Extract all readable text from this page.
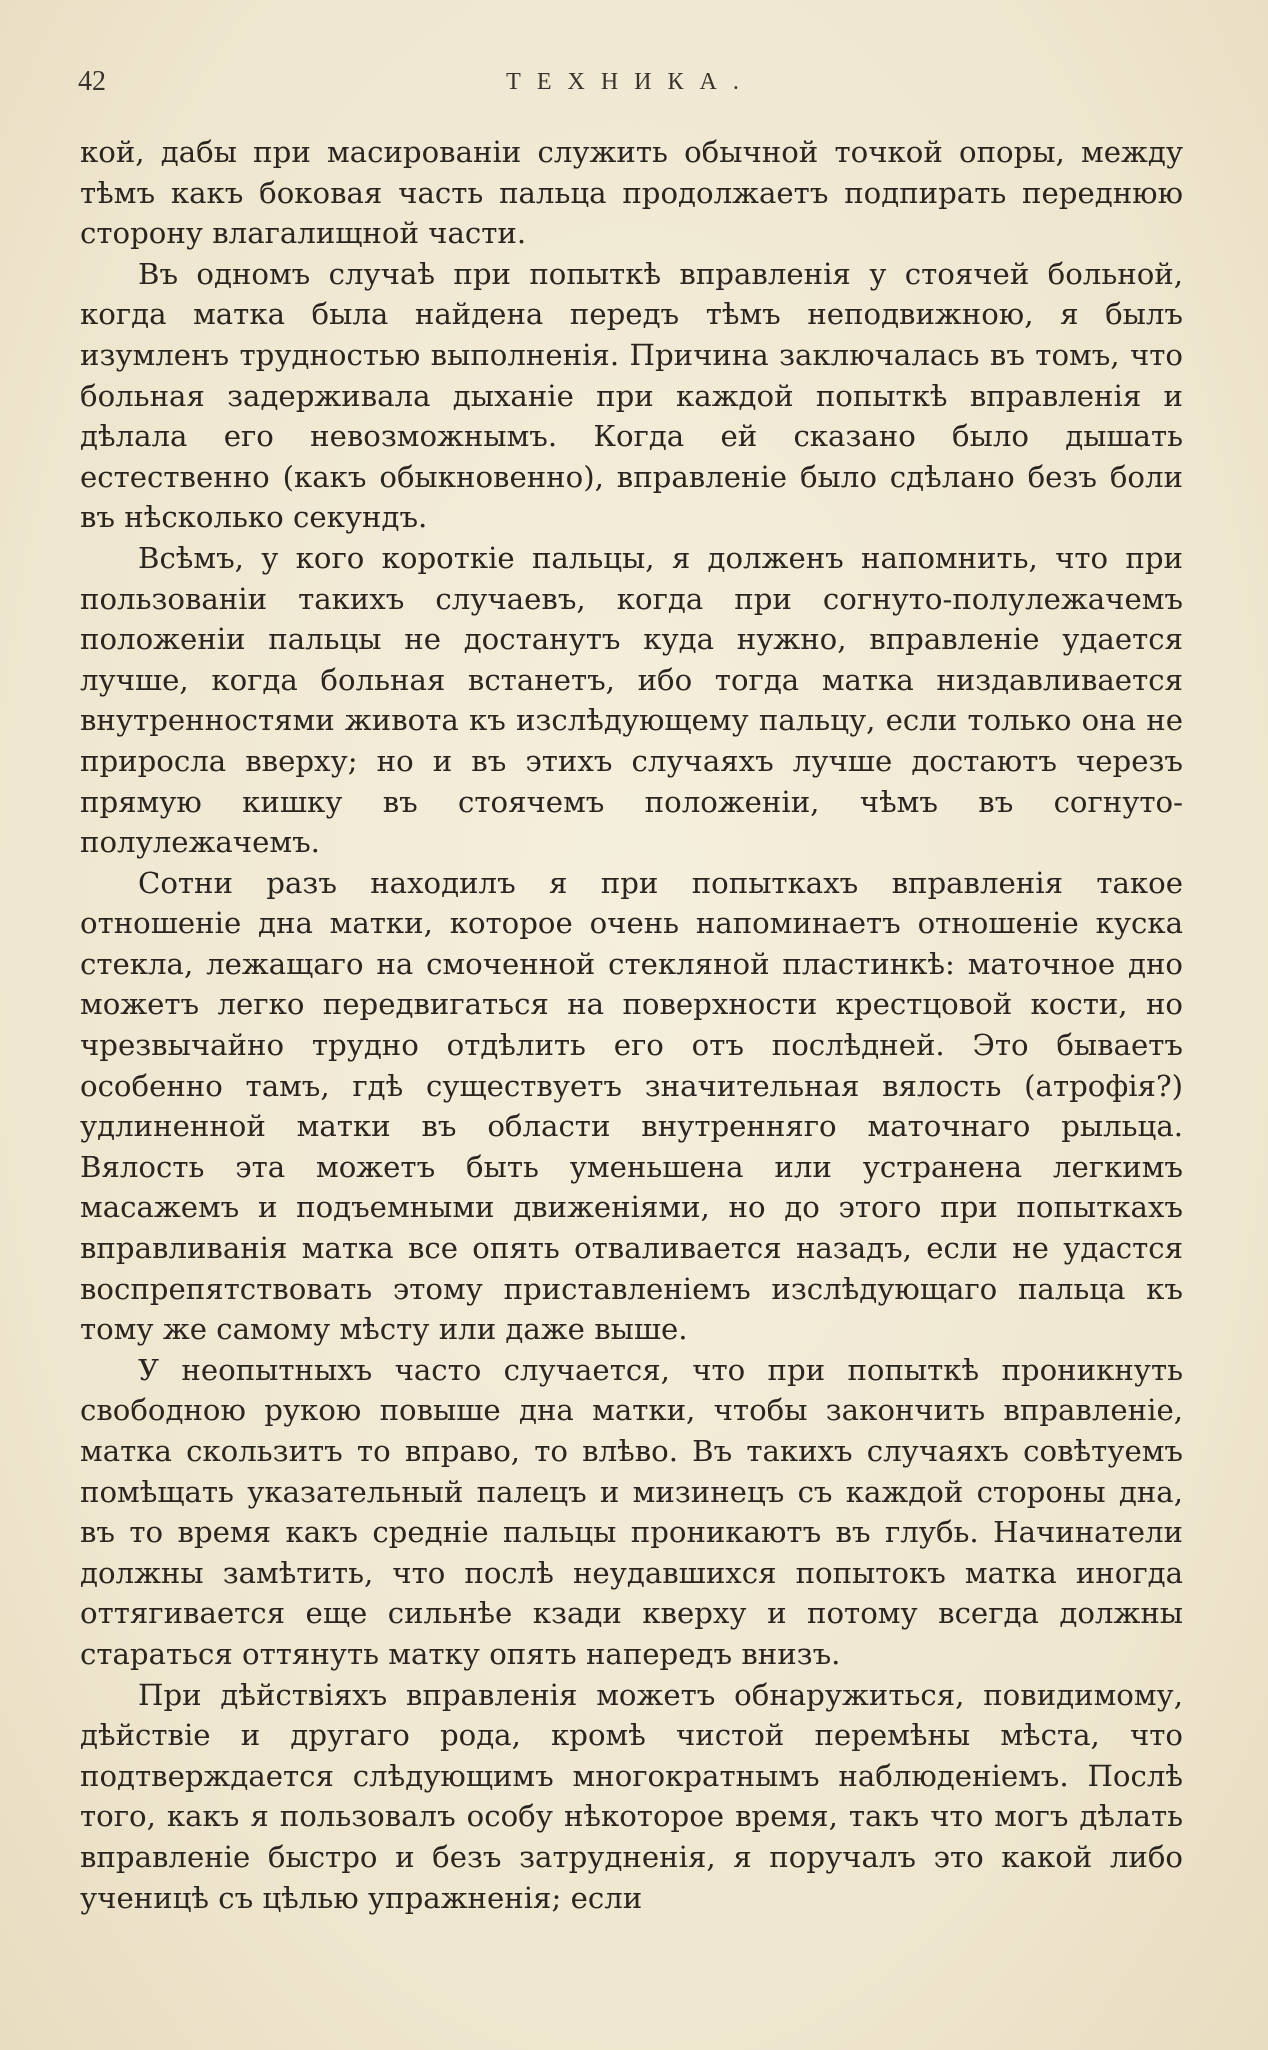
42	ТЕХНИКА.

кой, дабы при масированіи служить обычной точкой опоры, между тѣмъ какъ боковая часть пальца продолжаетъ подпирать переднюю сторону влагалищной части.

Въ одномъ случаѣ при попыткѣ вправленія у стоячей больной, когда матка была найдена передъ тѣмъ неподвижною, я былъ изумленъ трудностью выполненія. Причина заключалась въ томъ, что больная задерживала дыханіе при каждой попыткѣ вправленія и дѣлала его невозможнымъ. Когда ей сказано было дышать естественно (какъ обыкновенно), вправленіе было сдѣлано безъ боли въ нѣсколько секундъ.

Всѣмъ, у кого короткіе пальцы, я долженъ напомнить, что при пользованіи такихъ случаевъ, когда при согнуто-полулежачемъ положеніи пальцы не достанутъ куда нужно, вправленіе удается лучше, когда больная встанетъ, ибо тогда матка низдавливается внутренностями живота къ изслѣдующему пальцу, если только она не приросла вверху; но и въ этихъ случаяхъ лучше достаютъ черезъ прямую кишку въ стоячемъ положеніи, чѣмъ въ согнуто-полулежачемъ.

Сотни разъ находилъ я при попыткахъ вправленія такое отношеніе дна матки, которое очень напоминаетъ отношеніе куска стекла, лежащаго на смоченной стекляной пластинкѣ: маточное дно можетъ легко передвигаться на поверхности крестцовой кости, но чрезвычайно трудно отдѣлить его отъ послѣдней. Это бываетъ особенно тамъ, гдѣ существуетъ значительная вялость (атрофія?) удлиненной матки въ области внутренняго маточнаго рыльца. Вялость эта можетъ быть уменьшена или устранена легкимъ масажемъ и подъемными движеніями, но до этого при попыткахъ вправливанія матка все опять отваливается назадъ, если не удастся воспрепятствовать этому приставленіемъ изслѣдующаго пальца къ тому же самому мѣсту или даже выше.

У неопытныхъ часто случается, что при попыткѣ проникнуть свободною рукою повыше дна матки, чтобы закончить вправленіе, матка скользитъ то вправо, то влѣво. Въ такихъ случаяхъ совѣтуемъ помѣщать указательный палецъ и мизинецъ съ каждой стороны дна, въ то время какъ средніе пальцы проникаютъ въ глубь. Начинатели должны замѣтить, что послѣ неудавшихся попытокъ матка иногда оттягивается еще сильнѣе кзади кверху и потому всегда должны стараться оттянуть матку опять напередъ внизъ.

При дѣйствіяхъ вправленія можетъ обнаружиться, повидимому, дѣйствіе и другаго рода, кромѣ чистой перемѣны мѣста, что подтверждается слѣдующимъ многократнымъ наблюденіемъ. Послѣ того, какъ я пользовалъ особу нѣкоторое время, такъ что могъ дѣлать вправленіе быстро и безъ затрудненія, я поручалъ это какой либо ученицѣ съ цѣлью упражненія; если
